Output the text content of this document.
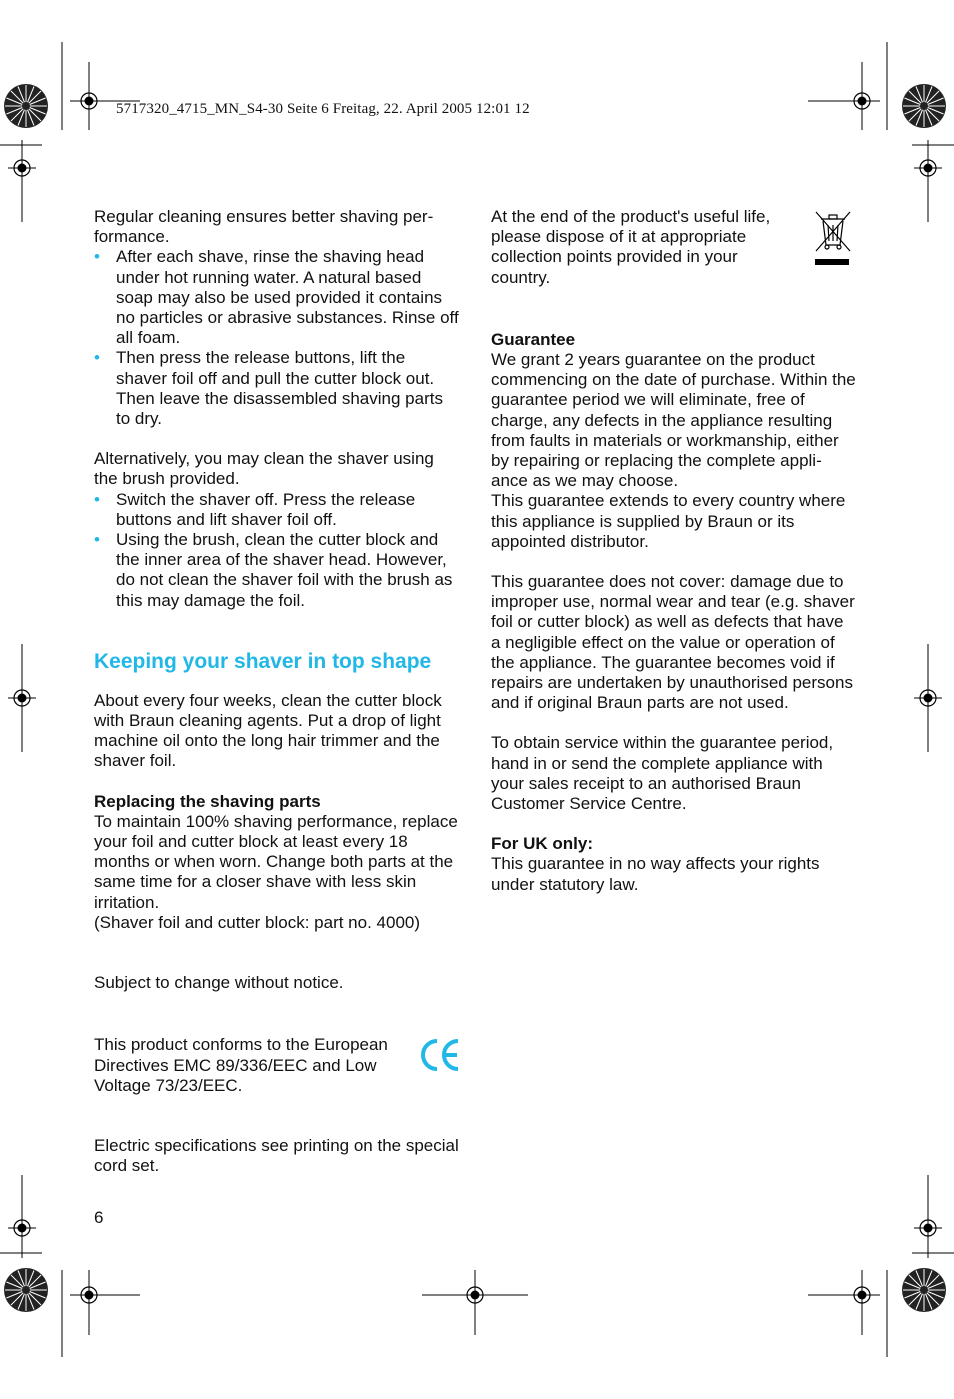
5717320_4715_MN_S4-30 Seite 6 Freitag, 22. April 2005 12:01 12

Regular cleaning ensures better shaving per-formance.

• After each shave, rinse the shaving head under hot running water. A natural based soap may also be used provided it contains no particles or abrasive substances. Rinse off all foam.
• Then press the release buttons, lift the shaver foil off and pull the cutter block out. Then leave the disassembled shaving parts to dry.

Alternatively, you may clean the shaver using the brush provided.

• Switch the shaver off. Press the release buttons and lift shaver foil off.
• Using the brush, clean the cutter block and the inner area of the shaver head. However, do not clean the shaver foil with the brush as this may damage the foil.
Keeping your shaver in top shape

About every four weeks, clean the cutter block with Braun cleaning agents. Put a drop of light machine oil onto the long hair trimmer and the shaver foil.

Replacing the shaving parts

To maintain 100% shaving performance, replace your foil and cutter block at least every 18 months or when worn. Change both parts at the same time for a closer shave with less skin irritation.

(Shaver foil and cutter block: part no. 4000)

Subject to change without notice.

This product conforms to the European Directives EMC 89/336/EEC and Low Voltage 73/23/EEC.

Electric specifications see printing on the special cord set.

At the end of the product's useful life, please dispose of it at appropriate collection points provided in your country.

Guarantee

We grant 2 years guarantee on the product commencing on the date of purchase. Within the guarantee period we will eliminate, free of charge, any defects in the appliance resulting from faults in materials or workmanship, either by repairing or replacing the complete appli-ance as we may choose.

This guarantee extends to every country where this appliance is supplied by Braun or its appointed distributor.

This guarantee does not cover: damage due to improper use, normal wear and tear (e.g. shaver foil or cutter block) as well as defects that have a negligible effect on the value or operation of the appliance. The guarantee becomes void if repairs are undertaken by unauthorised persons and if original Braun parts are not used.

To obtain service within the guarantee period, hand in or send the complete appliance with your sales receipt to an authorised Braun Customer Service Centre.

For UK only:

This guarantee in no way affects your rights under statutory law.

6
